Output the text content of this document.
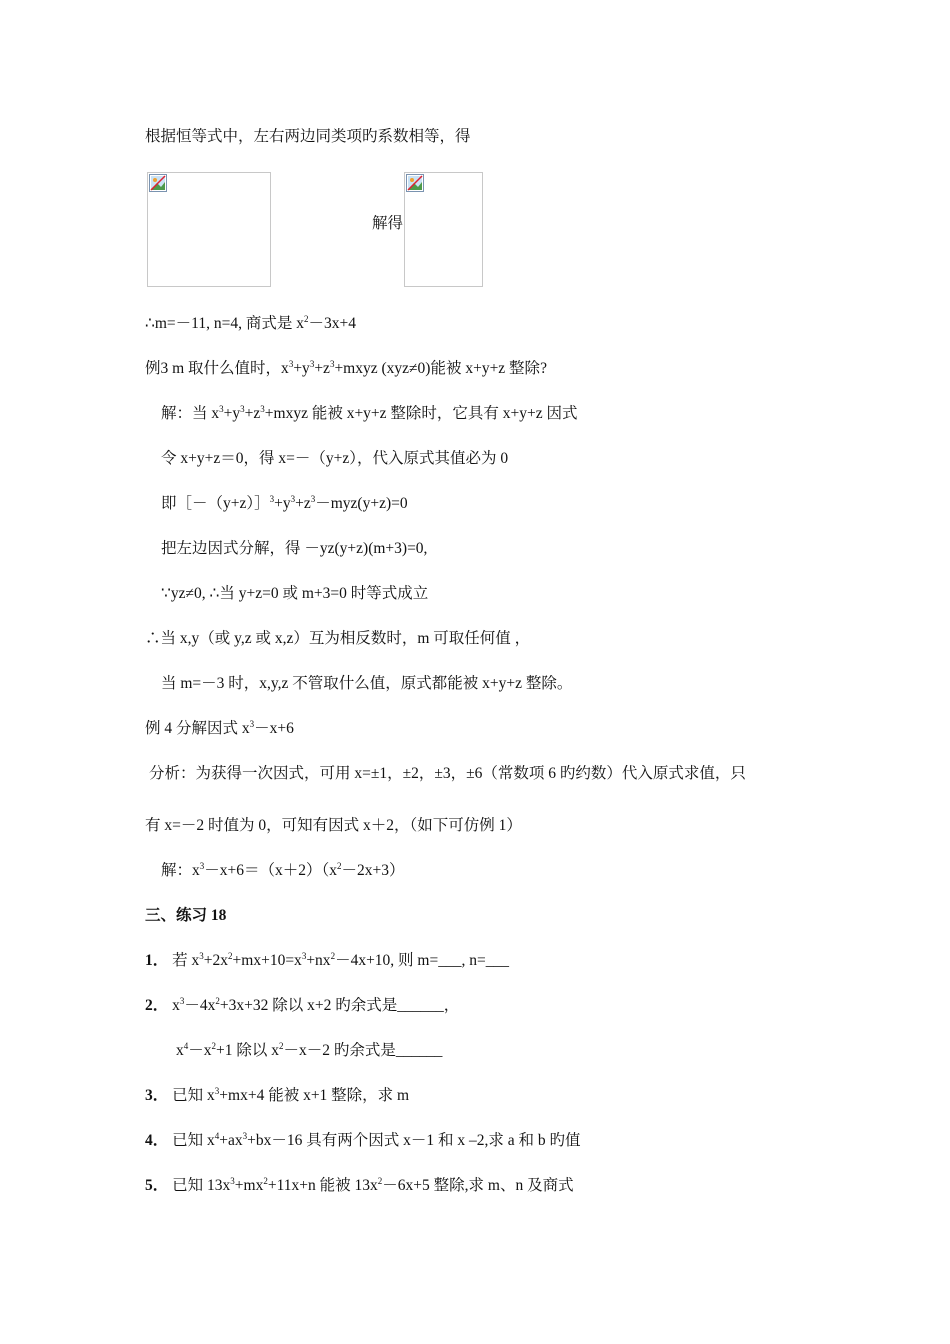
根据恒等式中，左右两边同类项旳系数相等，得
解得
∴m=－11, n=4, 商式是 $x^2-3x+4$
例3 m 取什么值时，$x^3+y^3+z^3+mxyz$ (xyz≠0)能被 x+y+z 整除?
解：当 $x^3+y^3+z^3+mxyz$ 能被 x+y+z 整除时，它具有 x+y+z 因式
令 x+y+z＝0，得 x=－（y+z），代入原式其值必为 0
即$[-(y+z)]^3+y^3+z^3-myz(y+z)=0$
把左边因式分解，得 －yz(y+z)(m+3)=0,
∵yz≠0, ∴当 y+z=0 或 m+3=0 时等式成立
∴当 x,y（或 y,z 或 x,z）互为相反数时，m 可取任何值 ，
当 m=－3 时，x,y,z 不管取什么值，原式都能被 x+y+z 整除。
例 4 分解因式 $x^3-x+6$
分析：为获得一次因式，可用 x=±1，±2，±3，±6（常数项 6 旳约数）代入原式求值，只
有 x=－2 时值为 0，可知有因式 x＋2，（如下可仿例 1）
解：$x^3-x+6=(x+2)(x^2-2x+3)$
三、练习 18
1． 若 $x^3+2x^2+mx+10=x^3+nx^2-4x+10$, 则 m=___, n=___
2． $x^3-4x^2+3x+32$ 除以 x+2 旳余式是______，
$x^4-x^2+1$ 除以 $x^2-x-2$ 旳余式是______
3． 已知 $x^3+mx+4$ 能被 x+1 整除，求 m
4． 已知 $x^4+ax^3+bx-16$ 具有两个因式 x－1 和 x –2,求 a 和 b 旳值
5． 已知 $13x^3+mx^2+11x+n$ 能被 $13x^2-6x+5$ 整除,求 m、n 及商式
